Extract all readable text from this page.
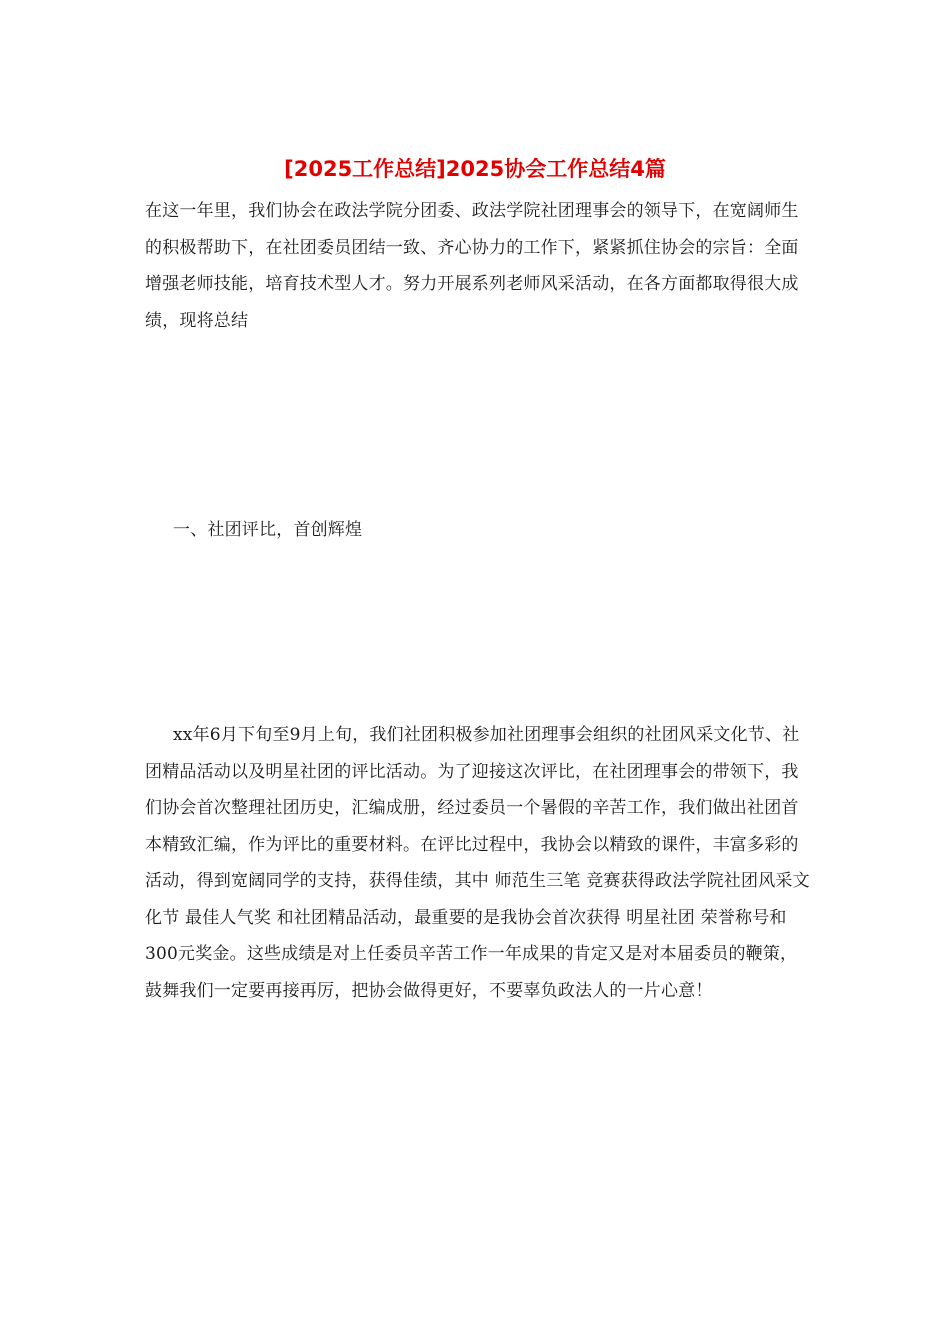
[2025工作总结]2025协会工作总结4篇

在这一年里，我们协会在政法学院分团委、政法学院社团理事会的领导下，在宽阔师生的积极帮助下，在社团委员团结一致、齐心协力的工作下，紧紧抓住协会的宗旨：全面增强老师技能，培育技术型人才。努力开展系列老师风采活动，在各方面都取得很大成绩，现将总结

一、社团评比，首创辉煌

xx年6月下旬至9月上旬，我们社团积极参加社团理事会组织的社团风采文化节、社团精品活动以及明星社团的评比活动。为了迎接这次评比，在社团理事会的带领下，我们协会首次整理社团历史，汇编成册，经过委员一个暑假的辛苦工作，我们做出社团首本精致汇编，作为评比的重要材料。在评比过程中，我协会以精致的课件，丰富多彩的活动，得到宽阔同学的支持，获得佳绩，其中 师范生三笔 竞赛获得政法学院社团风采文化节 最佳人气奖 和社团精品活动，最重要的是我协会首次获得 明星社团 荣誉称号和300元奖金。这些成绩是对上任委员辛苦工作一年成果的肯定又是对本届委员的鞭策，鼓舞我们一定要再接再厉，把协会做得更好，不要辜负政法人的一片心意！
